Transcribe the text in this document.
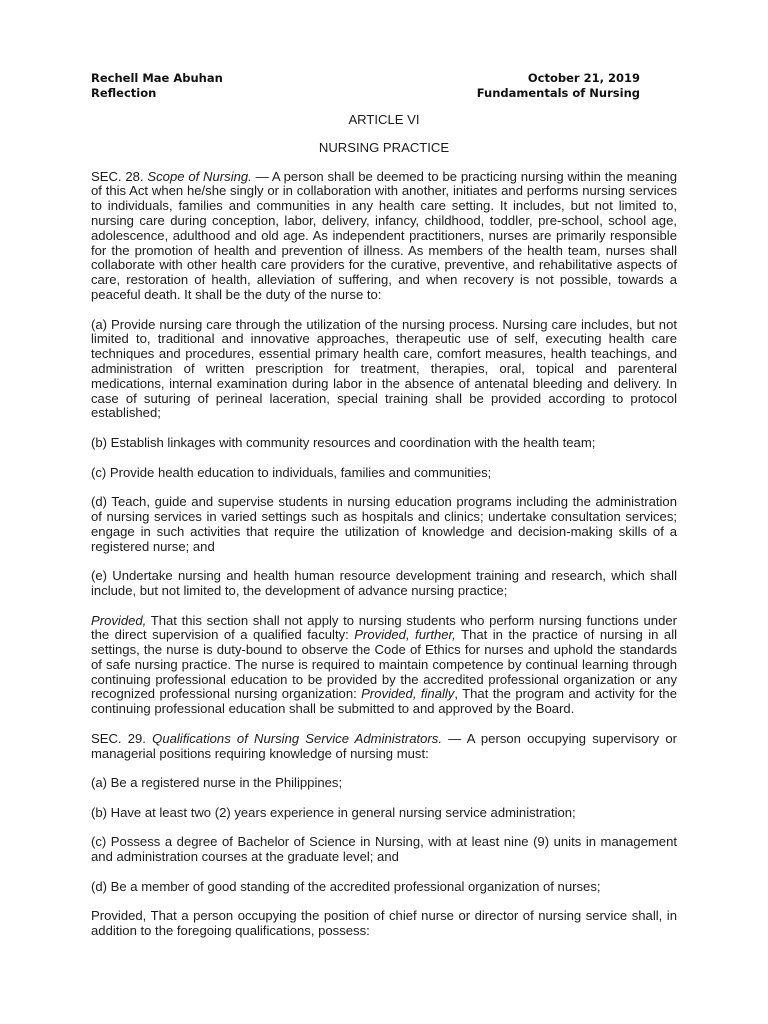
Rechell Mae Abuhan	October 21, 2019
Reflection	Fundamentals of Nursing

ARTICLE VI

NURSING PRACTICE

SEC. 28. Scope of Nursing. — A person shall be deemed to be practicing nursing within the meaning of this Act when he/she singly or in collaboration with another, initiates and performs nursing services to individuals, families and communities in any health care setting. It includes, but not limited to, nursing care during conception, labor, delivery, infancy, childhood, toddler, pre-school, school age, adolescence, adulthood and old age. As independent practitioners, nurses are primarily responsible for the promotion of health and prevention of illness. As members of the health team, nurses shall collaborate with other health care providers for the curative, preventive, and rehabilitative aspects of care, restoration of health, alleviation of suffering, and when recovery is not possible, towards a peaceful death. It shall be the duty of the nurse to:

(a) Provide nursing care through the utilization of the nursing process. Nursing care includes, but not limited to, traditional and innovative approaches, therapeutic use of self, executing health care techniques and procedures, essential primary health care, comfort measures, health teachings, and administration of written prescription for treatment, therapies, oral, topical and parenteral medications, internal examination during labor in the absence of antenatal bleeding and delivery. In case of suturing of perineal laceration, special training shall be provided according to protocol established;

(b) Establish linkages with community resources and coordination with the health team;

(c) Provide health education to individuals, families and communities;

(d) Teach, guide and supervise students in nursing education programs including the administration of nursing services in varied settings such as hospitals and clinics; undertake consultation services; engage in such activities that require the utilization of knowledge and decision-making skills of a registered nurse; and

(e) Undertake nursing and health human resource development training and research, which shall include, but not limited to, the development of advance nursing practice;

Provided, That this section shall not apply to nursing students who perform nursing functions under the direct supervision of a qualified faculty: Provided, further, That in the practice of nursing in all settings, the nurse is duty-bound to observe the Code of Ethics for nurses and uphold the standards of safe nursing practice. The nurse is required to maintain competence by continual learning through continuing professional education to be provided by the accredited professional organization or any recognized professional nursing organization: Provided, finally, That the program and activity for the continuing professional education shall be submitted to and approved by the Board.

SEC. 29. Qualifications of Nursing Service Administrators. — A person occupying supervisory or managerial positions requiring knowledge of nursing must:

(a) Be a registered nurse in the Philippines;

(b) Have at least two (2) years experience in general nursing service administration;

(c) Possess a degree of Bachelor of Science in Nursing, with at least nine (9) units in management and administration courses at the graduate level; and

(d) Be a member of good standing of the accredited professional organization of nurses;

Provided, That a person occupying the position of chief nurse or director of nursing service shall, in addition to the foregoing qualifications, possess:
